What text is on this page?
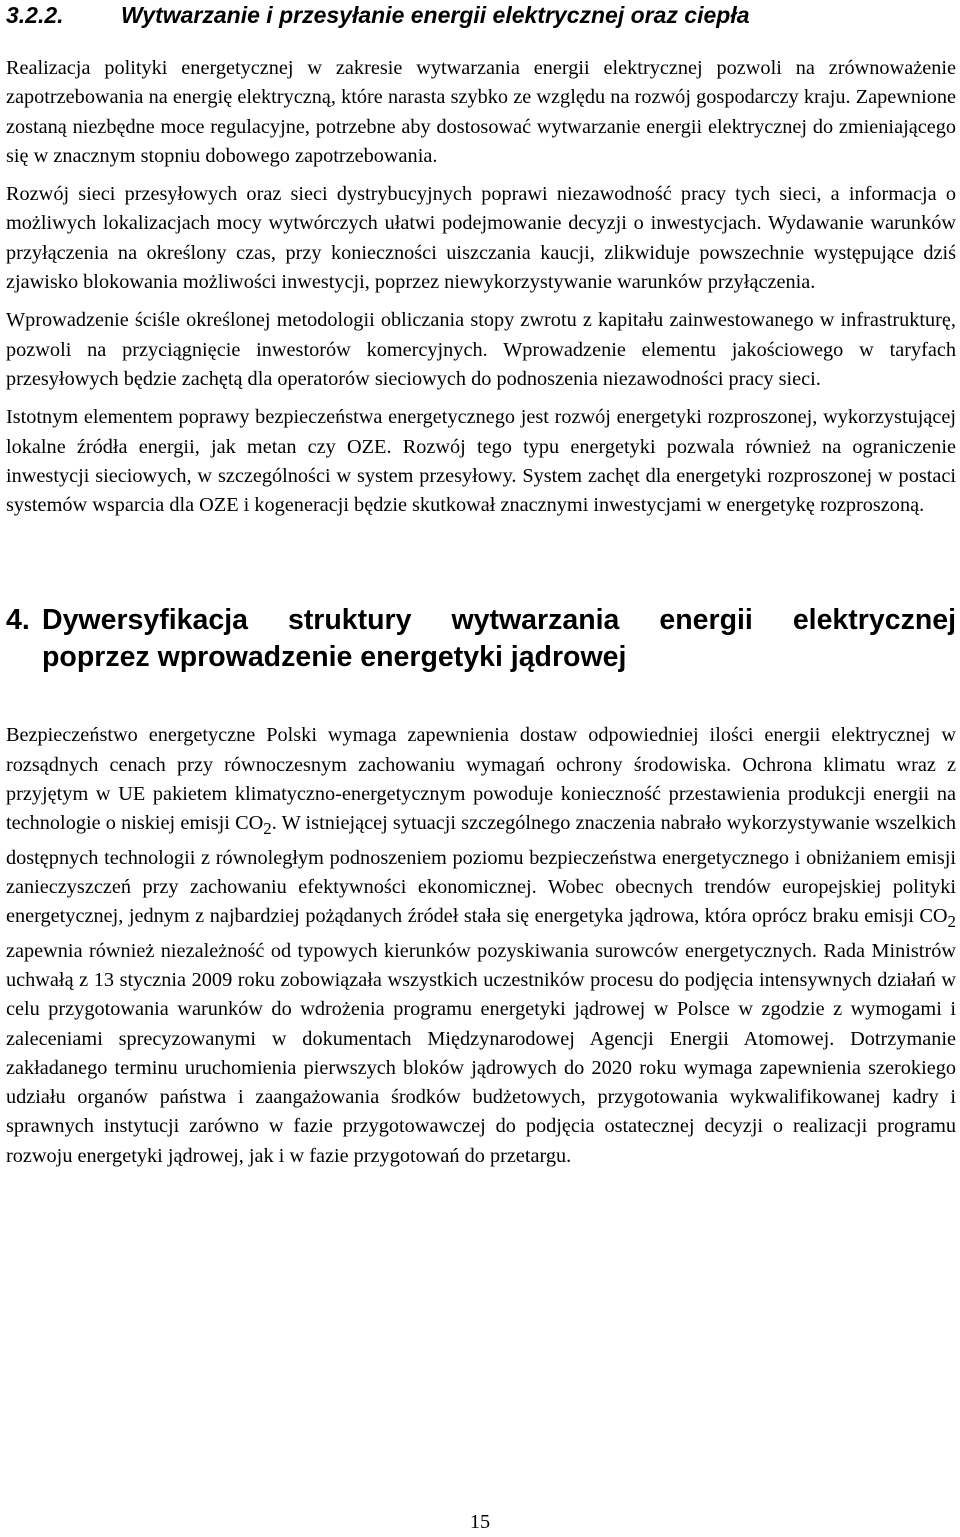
3.2.2. Wytwarzanie i przesyłanie energii elektrycznej oraz ciepła

Realizacja polityki energetycznej w zakresie wytwarzania energii elektrycznej pozwoli na zrównoważenie zapotrzebowania na energię elektryczną, które narasta szybko ze względu na rozwój gospodarczy kraju. Zapewnione zostaną niezbędne moce regulacyjne, potrzebne aby dostosować wytwarzanie energii elektrycznej do zmieniającego się w znacznym stopniu dobowego zapotrzebowania.

Rozwój sieci przesyłowych oraz sieci dystrybucyjnych poprawi niezawodność pracy tych sieci, a informacja o możliwych lokalizacjach mocy wytwórczych ułatwi podejmowanie decyzji o inwestycjach. Wydawanie warunków przyłączenia na określony czas, przy konieczności uiszczania kaucji, zlikwiduje powszechnie występujące dziś zjawisko blokowania możliwości inwestycji, poprzez niewykorzystywanie warunków przyłączenia.

Wprowadzenie ściśle określonej metodologii obliczania stopy zwrotu z kapitału zainwestowanego w infrastrukturę, pozwoli na przyciągnięcie inwestorów komercyjnych. Wprowadzenie elementu jakościowego w taryfach przesyłowych będzie zachętą dla operatorów sieciowych do podnoszenia niezawodności pracy sieci.

Istotnym elementem poprawy bezpieczeństwa energetycznego jest rozwój energetyki rozproszonej, wykorzystującej lokalne źródła energii, jak metan czy OZE. Rozwój tego typu energetyki pozwala również na ograniczenie inwestycji sieciowych, w szczególności w system przesyłowy. System zachęt dla energetyki rozproszonej w postaci systemów wsparcia dla OZE i kogeneracji będzie skutkował znacznymi inwestycjami w energetykę rozproszoną.

4. Dywersyfikacja struktury wytwarzania energii elektrycznej
poprzez wprowadzenie energetyki jądrowej

Bezpieczeństwo energetyczne Polski wymaga zapewnienia dostaw odpowiedniej ilości energii elektrycznej w rozsądnych cenach przy równoczesnym zachowaniu wymagań ochrony środowiska. Ochrona klimatu wraz z przyjętym w UE pakietem klimatyczno-energetycznym powoduje konieczność przestawienia produkcji energii na technologie o niskiej emisji $CO_2$. W istniejącej sytuacji szczególnego znaczenia nabrało wykorzystywanie wszelkich dostępnych technologii z równoległym podnoszeniem poziomu bezpieczeństwa energetycznego i obniżaniem emisji zanieczyszczeń przy zachowaniu efektywności ekonomicznej. Wobec obecnych trendów europejskiej polityki energetycznej, jednym z najbardziej pożądanych źródeł stała się energetyka jądrowa, która oprócz braku emisji $CO_2$ zapewnia również niezależność od typowych kierunków pozyskiwania surowców energetycznych. Rada Ministrów uchwałą z 13 stycznia 2009 roku zobowiązała wszystkich uczestników procesu do podjęcia intensywnych działań w celu przygotowania warunków do wdrożenia programu energetyki jądrowej w Polsce w zgodzie z wymogami i zaleceniami sprecyzowanymi w dokumentach Międzynarodowej Agencji Energii Atomowej. Dotrzymanie zakładanego terminu uruchomienia pierwszych bloków jądrowych do 2020 roku wymaga zapewnienia szerokiego udziału organów państwa i zaangażowania środków budżetowych, przygotowania wykwalifikowanej kadry i sprawnych instytucji zarówno w fazie przygotowawczej do podjęcia ostatecznej decyzji o realizacji programu rozwoju energetyki jądrowej, jak i w fazie przygotowań do przetargu.

15
